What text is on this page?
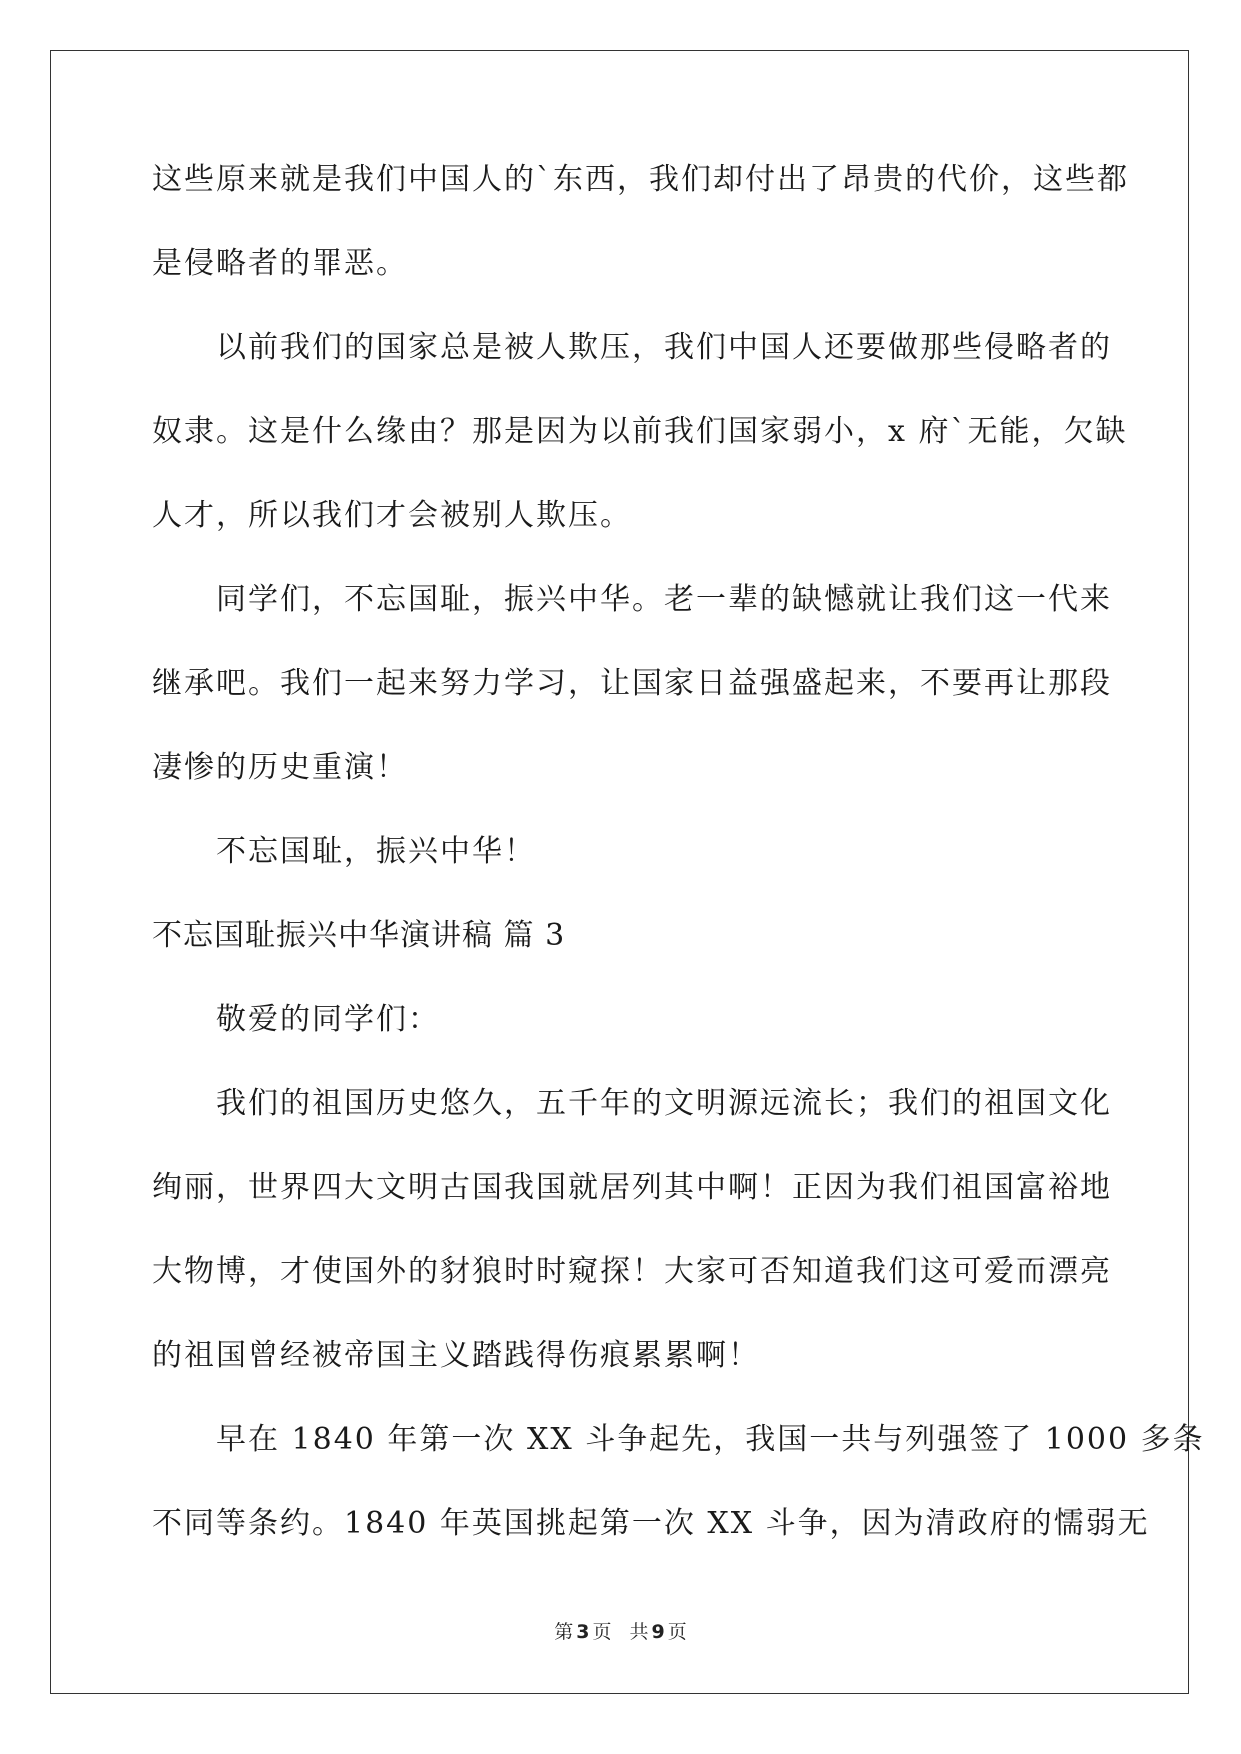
这些原来就是我们中国人的`东西，我们却付出了昂贵的代价，这些都
是侵略者的罪恶。
以前我们的国家总是被人欺压，我们中国人还要做那些侵略者的
奴隶。这是什么缘由？那是因为以前我们国家弱小，x 府`无能，欠缺
人才，所以我们才会被别人欺压。
同学们，不忘国耻，振兴中华。老一辈的缺憾就让我们这一代来
继承吧。我们一起来努力学习，让国家日益强盛起来，不要再让那段
凄惨的历史重演！
不忘国耻，振兴中华！
不忘国耻振兴中华演讲稿 篇 3
敬爱的同学们：
我们的祖国历史悠久，五千年的文明源远流长；我们的祖国文化
绚丽，世界四大文明古国我国就居列其中啊！正因为我们祖国富裕地
大物博，才使国外的豺狼时时窥探！大家可否知道我们这可爱而漂亮
的祖国曾经被帝国主义踏践得伤痕累累啊！
早在 1840 年第一次 XX 斗争起先，我国一共与列强签了 1000 多条
不同等条约。1840 年英国挑起第一次 XX 斗争，因为清政府的懦弱无
第 3 页 共 9 页
